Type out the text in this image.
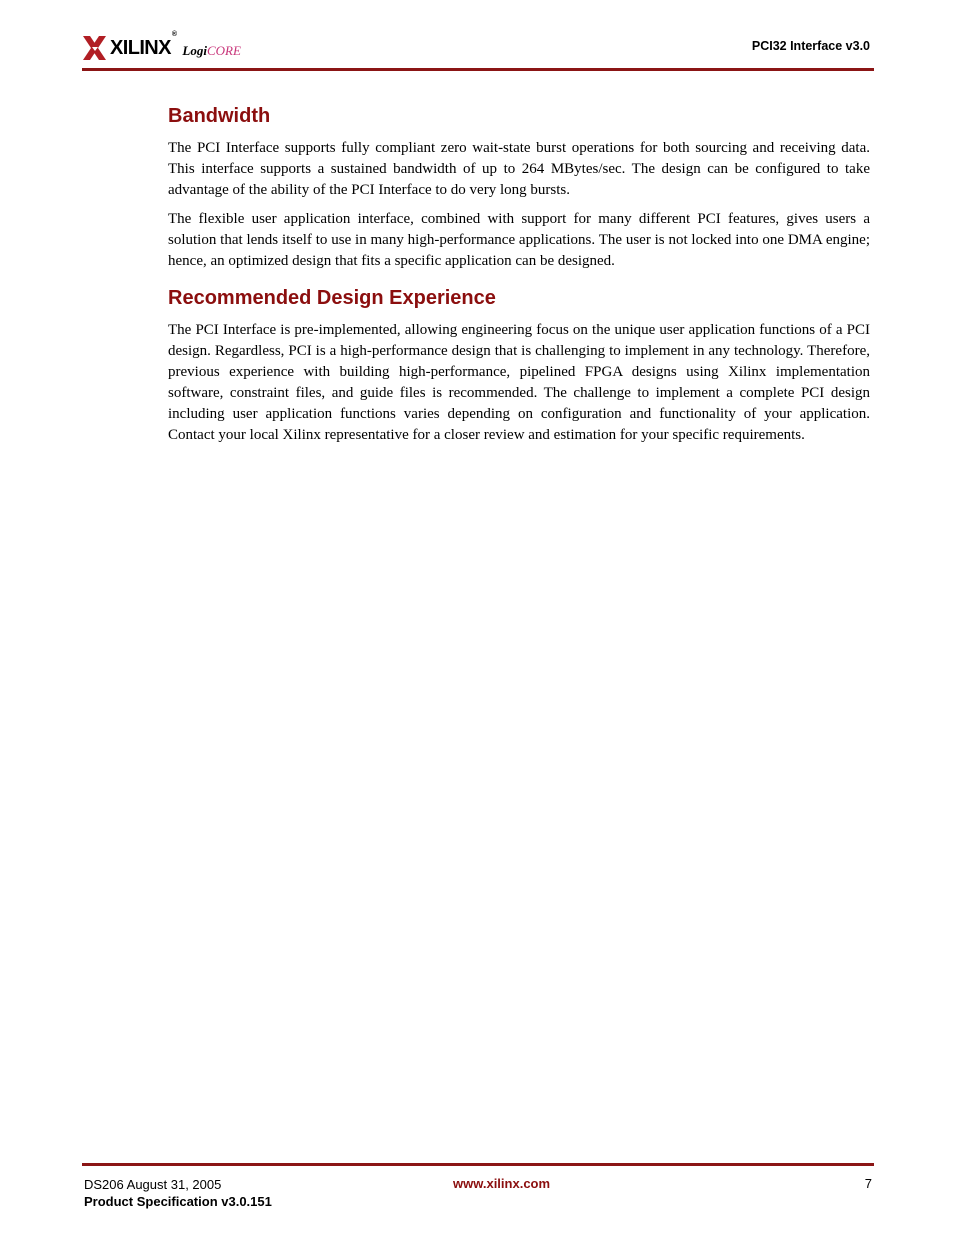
XILINX®
LogiCORE	PCI32 Interface v3.0
Bandwidth

The PCI Interface supports fully compliant zero wait-state burst operations for both sourcing and receiving data. This interface supports a sustained bandwidth of up to 264 MBytes/sec. The design can be configured to take advantage of the ability of the PCI Interface to do very long bursts.

The flexible user application interface, combined with support for many different PCI features, gives users a solution that lends itself to use in many high-performance applications. The user is not locked into one DMA engine; hence, an optimized design that fits a specific application can be designed.

Recommended Design Experience

The PCI Interface is pre-implemented, allowing engineering focus on the unique user application functions of a PCI design. Regardless, PCI is a high-performance design that is challenging to implement in any technology. Therefore, previous experience with building high-performance, pipelined FPGA designs using Xilinx implementation software, constraint files, and guide files is recommended. The challenge to implement a complete PCI design including user application functions varies depending on configuration and functionality of your application. Contact your local Xilinx representative for a closer review and estimation for your specific requirements.

DS206 August 31, 2005
Product Specification v3.0.151
www.xilinx.com	7
